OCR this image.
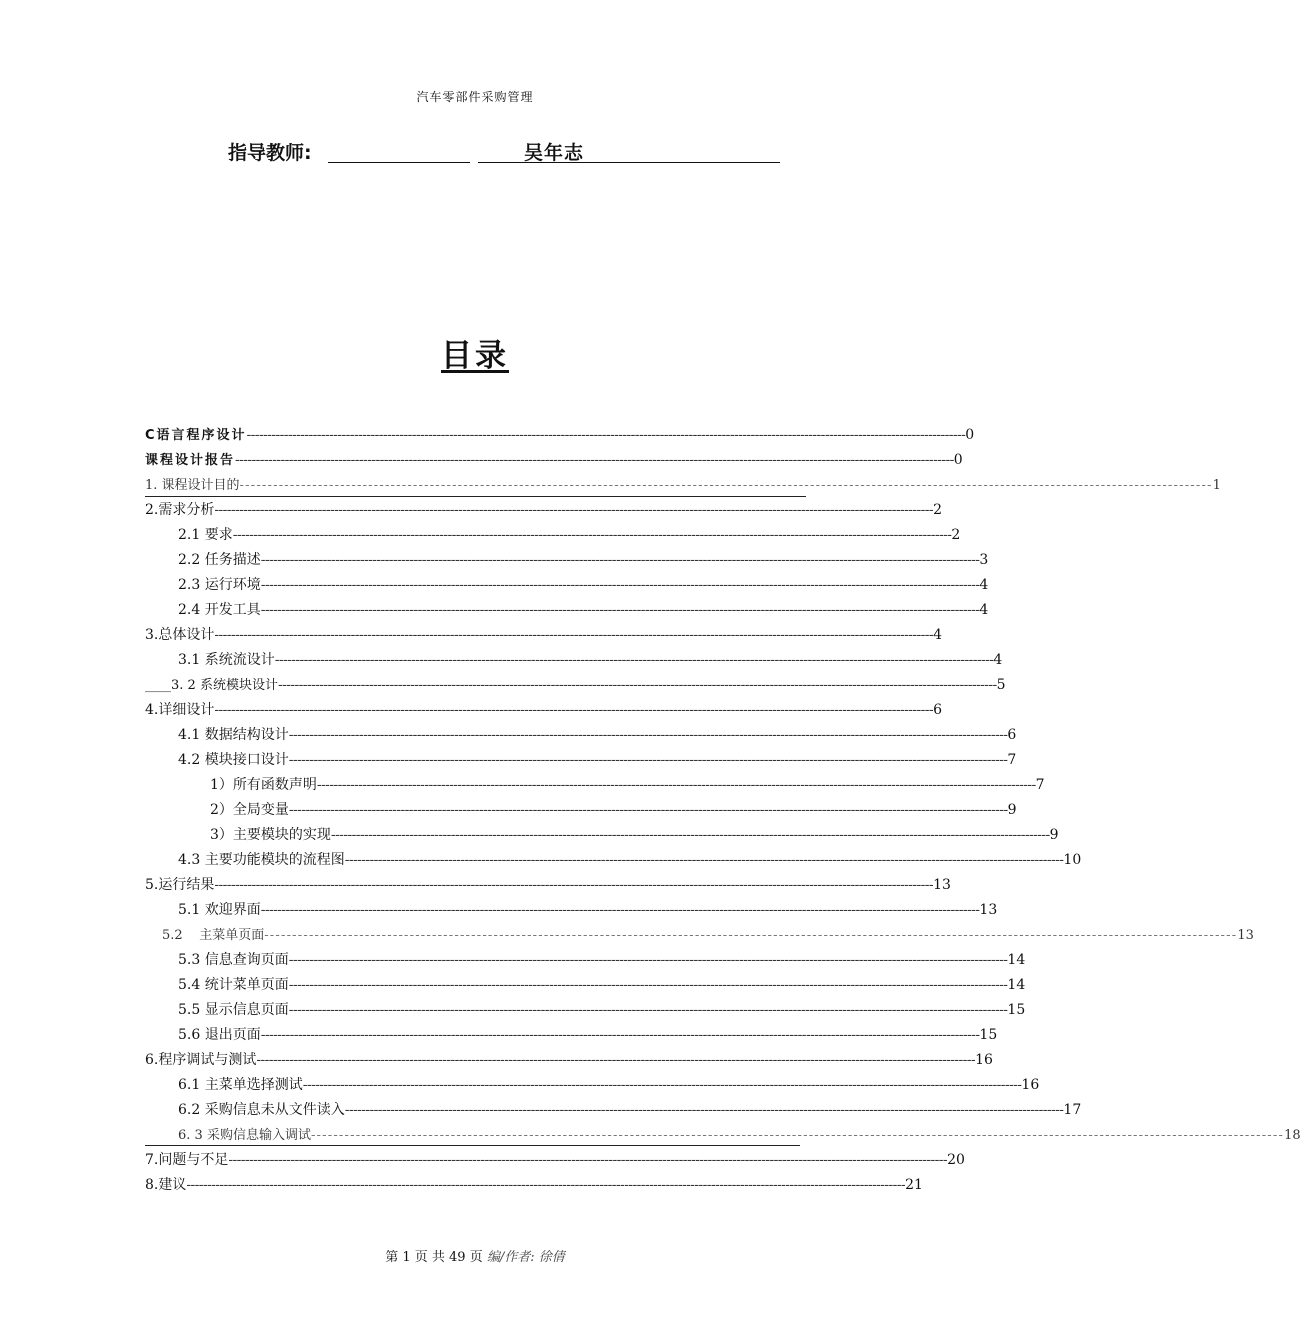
汽车零部件采购管理
指导教师:	吴年志
目录
C语言程序设计 ------------------------------------------------------------------------------------------------------------------------------------------------------------------------------ 0
课程设计报告 ------------------------------------------------------------------------------------------------------------------------------------------------------------------------------ 0
1. 课程设计目的 ------------------------------------------------------------------------------------------------------------------------------------------------------------------------------ 1
2.需求分析 ------------------------------------------------------------------------------------------------------------------------------------------------------------------------------ 2
2.1 要求 ------------------------------------------------------------------------------------------------------------------------------------------------------------------------------ 2
2.2 任务描述 ------------------------------------------------------------------------------------------------------------------------------------------------------------------------------ 3
2.3 运行环境 ------------------------------------------------------------------------------------------------------------------------------------------------------------------------------ 4
2.4 开发工具 ------------------------------------------------------------------------------------------------------------------------------------------------------------------------------ 4
3.总体设计 ------------------------------------------------------------------------------------------------------------------------------------------------------------------------------ 4
3.1 系统流设计 ------------------------------------------------------------------------------------------------------------------------------------------------------------------------------ 4
____3. 2 系统模块设计 ------------------------------------------------------------------------------------------------------------------------------------------------------------------------------ 5
4.详细设计 ------------------------------------------------------------------------------------------------------------------------------------------------------------------------------ 6
4.1 数据结构设计 ------------------------------------------------------------------------------------------------------------------------------------------------------------------------------ 6
4.2 模块接口设计 ------------------------------------------------------------------------------------------------------------------------------------------------------------------------------ 7
1）所有函数声明 ------------------------------------------------------------------------------------------------------------------------------------------------------------------------------ 7
2）全局变量 ------------------------------------------------------------------------------------------------------------------------------------------------------------------------------ 9
3）主要模块的实现 ------------------------------------------------------------------------------------------------------------------------------------------------------------------------------ 9
4.3 主要功能模块的流程图 ------------------------------------------------------------------------------------------------------------------------------------------------------------------------------ 10
5.运行结果 ------------------------------------------------------------------------------------------------------------------------------------------------------------------------------ 13
5.1 欢迎界面 ------------------------------------------------------------------------------------------------------------------------------------------------------------------------------ 13
5.2    主菜单页面 ------------------------------------------------------------------------------------------------------------------------------------------------------------------------------ 13
5.3 信息查询页面 ------------------------------------------------------------------------------------------------------------------------------------------------------------------------------ 14
5.4 统计菜单页面 ------------------------------------------------------------------------------------------------------------------------------------------------------------------------------ 14
5.5 显示信息页面 ------------------------------------------------------------------------------------------------------------------------------------------------------------------------------ 15
5.6 退出页面 ------------------------------------------------------------------------------------------------------------------------------------------------------------------------------ 15
6.程序调试与测试 ------------------------------------------------------------------------------------------------------------------------------------------------------------------------------ 16
6.1 主菜单选择测试 ------------------------------------------------------------------------------------------------------------------------------------------------------------------------------ 16
6.2 采购信息未从文件读入 ------------------------------------------------------------------------------------------------------------------------------------------------------------------------------ 17
6. 3 采购信息输入调试 ------------------------------------------------------------------------------------------------------------------------------------------------------------------------------ 18
7.问题与不足 ------------------------------------------------------------------------------------------------------------------------------------------------------------------------------ 20
8.建议 ------------------------------------------------------------------------------------------------------------------------------------------------------------------------------ 21
第 1 页 共 49 页 编/作者: 徐倩
